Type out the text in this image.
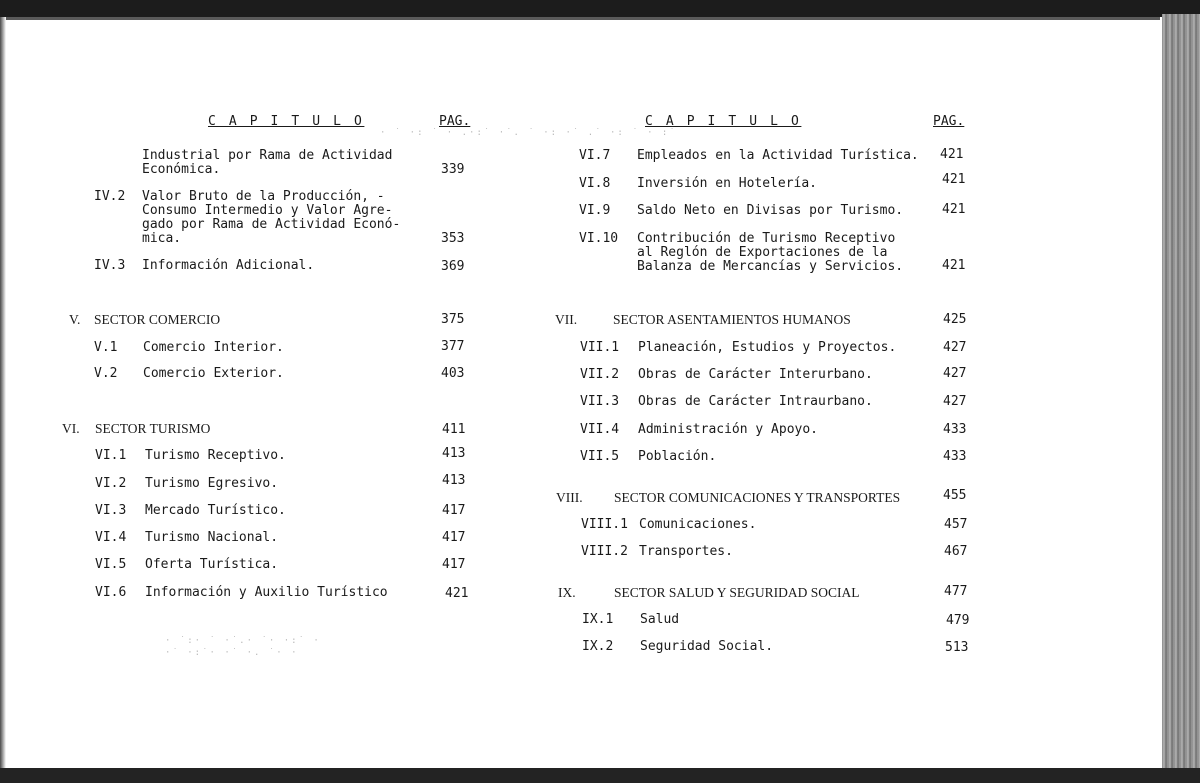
· ˙ ·: ˙ · .·:˙ ·˙. ˙ ·: ·˙ .˙ ·: ˙ · :˙
· ˙:· ˙ ·˙.· ˙· ·:˙ ·
·˙ ·:˙· ·˙ ·. ˙· ·
C A P I T U L O	PAG.	C A P I T U L O	PAG.
Industrial por Rama de Actividad
Económica.	339
IV.2 Valor Bruto de la Producción, -
Consumo Intermedio y Valor Agre-
gado por Rama de Actividad Econó-
mica.	353
IV.3 Información Adicional.	369
V. SECTOR COMERCIO	375
V.1 Comercio Interior.	377
V.2 Comercio Exterior.	403
VI. SECTOR TURISMO	411
VI.1 Turismo Receptivo.	413
VI.2 Turismo Egresivo.	413
VI.3 Mercado Turístico.	417
VI.4 Turismo Nacional.	417
VI.5 Oferta Turística.	417
VI.6 Información y Auxilio Turístico	421
VI.7 Empleados en la Actividad Turística. 421
VI.8 Inversión en Hotelería.	421
VI.9 Saldo Neto en Divisas por Turismo.	421
VI.10 Contribución de Turismo Receptivo
al Reglón de Exportaciones de la
Balanza de Mercancías y Servicios.	421
VII.	SECTOR ASENTAMIENTOS HUMANOS	425
VII.1 Planeación, Estudios y Proyectos.	427
VII.2 Obras de Carácter Interurbano.	427
VII.3 Obras de Carácter Intraurbano.	427
VII.4 Administración y Apoyo.	433
VII.5 Población.	433
VIII. SECTOR COMUNICACIONES Y TRANSPORTES	455
VIII.1 Comunicaciones.	457
VIII.2 Transportes.	467
IX.	SECTOR SALUD Y SEGURIDAD SOCIAL	477
IX.1 Salud	479
IX.2 Seguridad Social.	513
